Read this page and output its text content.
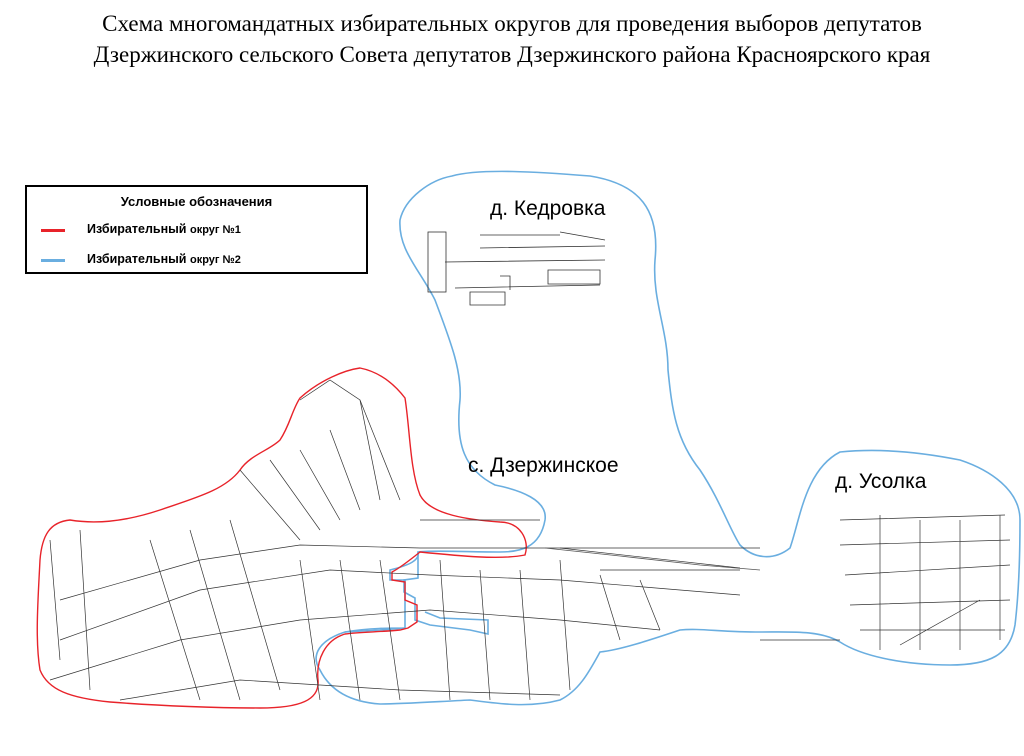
Схема многомандатных избирательных округов для проведения выборов депутатов
Дзержинского сельского Совета депутатов Дзержинского района Красноярского края
Условные обозначения
Избирательный округ №1
Избирательный округ №2
д. Кедровка
с. Дзержинское
д. Усолка
